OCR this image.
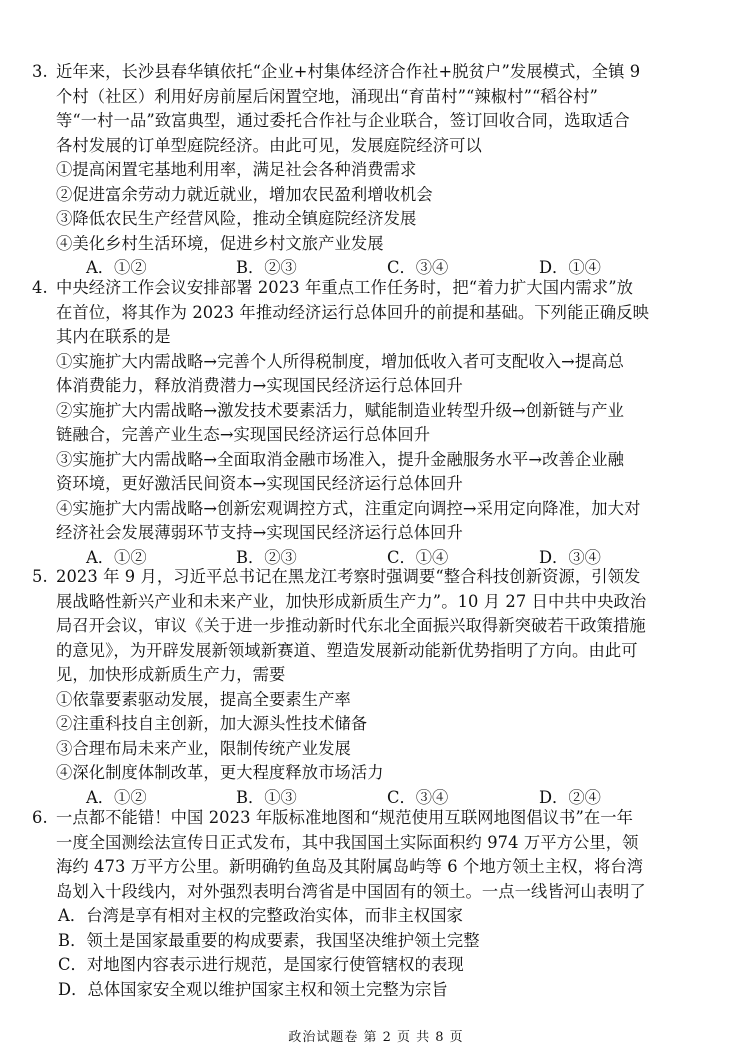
3. 近年来，长沙县春华镇依托“企业+村集体经济合作社+脱贫户”发展模式，全镇 9
个村（社区）利用好房前屋后闲置空地，涌现出“育苗村”“辣椒村”“稻谷村”
等“一村一品”致富典型，通过委托合作社与企业联合，签订回收合同，选取适合
各村发展的订单型庭院经济。由此可见，发展庭院经济可以
①提高闲置宅基地利用率，满足社会各种消费需求
②促进富余劳动力就近就业，增加农民盈利增收机会
③降低农民生产经营风险，推动全镇庭院经济发展
④美化乡村生活环境，促进乡村文旅产业发展
A．①②	B．②③	C．③④	D．①④
4. 中央经济工作会议安排部署 2023 年重点工作任务时，把“着力扩大国内需求”放
在首位，将其作为 2023 年推动经济运行总体回升的前提和基础。下列能正确反映
其内在联系的是
①实施扩大内需战略→完善个人所得税制度，增加低收入者可支配收入→提高总
体消费能力，释放消费潜力→实现国民经济运行总体回升
②实施扩大内需战略→激发技术要素活力，赋能制造业转型升级→创新链与产业
链融合，完善产业生态→实现国民经济运行总体回升
③实施扩大内需战略→全面取消金融市场准入，提升金融服务水平→改善企业融
资环境，更好激活民间资本→实现国民经济运行总体回升
④实施扩大内需战略→创新宏观调控方式，注重定向调控→采用定向降准，加大对
经济社会发展薄弱环节支持→实现国民经济运行总体回升
A．①②	B．②③	C．①④	D．③④
5. 2023 年 9 月，习近平总书记在黑龙江考察时强调要“整合科技创新资源，引领发
展战略性新兴产业和未来产业，加快形成新质生产力”。10 月 27 日中共中央政治
局召开会议，审议《关于进一步推动新时代东北全面振兴取得新突破若干政策措施
的意见》，为开辟发展新领域新赛道、塑造发展新动能新优势指明了方向。由此可
见，加快形成新质生产力，需要
①依靠要素驱动发展，提高全要素生产率
②注重科技自主创新，加大源头性技术储备
③合理布局未来产业，限制传统产业发展
④深化制度体制改革，更大程度释放市场活力
A．①②	B．①③	C．③④	D．②④
6. 一点都不能错！中国 2023 年版标准地图和“规范使用互联网地图倡议书”在一年
一度全国测绘法宣传日正式发布，其中我国国土实际面积约 974 万平方公里，领
海约 473 万平方公里。新明确钓鱼岛及其附属岛屿等 6 个地方领土主权，将台湾
岛划入十段线内，对外强烈表明台湾省是中国固有的领土。一点一线皆河山表明了
A．台湾是享有相对主权的完整政治实体，而非主权国家
B．领土是国家最重要的构成要素，我国坚决维护领土完整
C．对地图内容表示进行规范，是国家行使管辖权的表现
D．总体国家安全观以维护国家主权和领土完整为宗旨
政治试题卷 第 2 页 共 8 页
